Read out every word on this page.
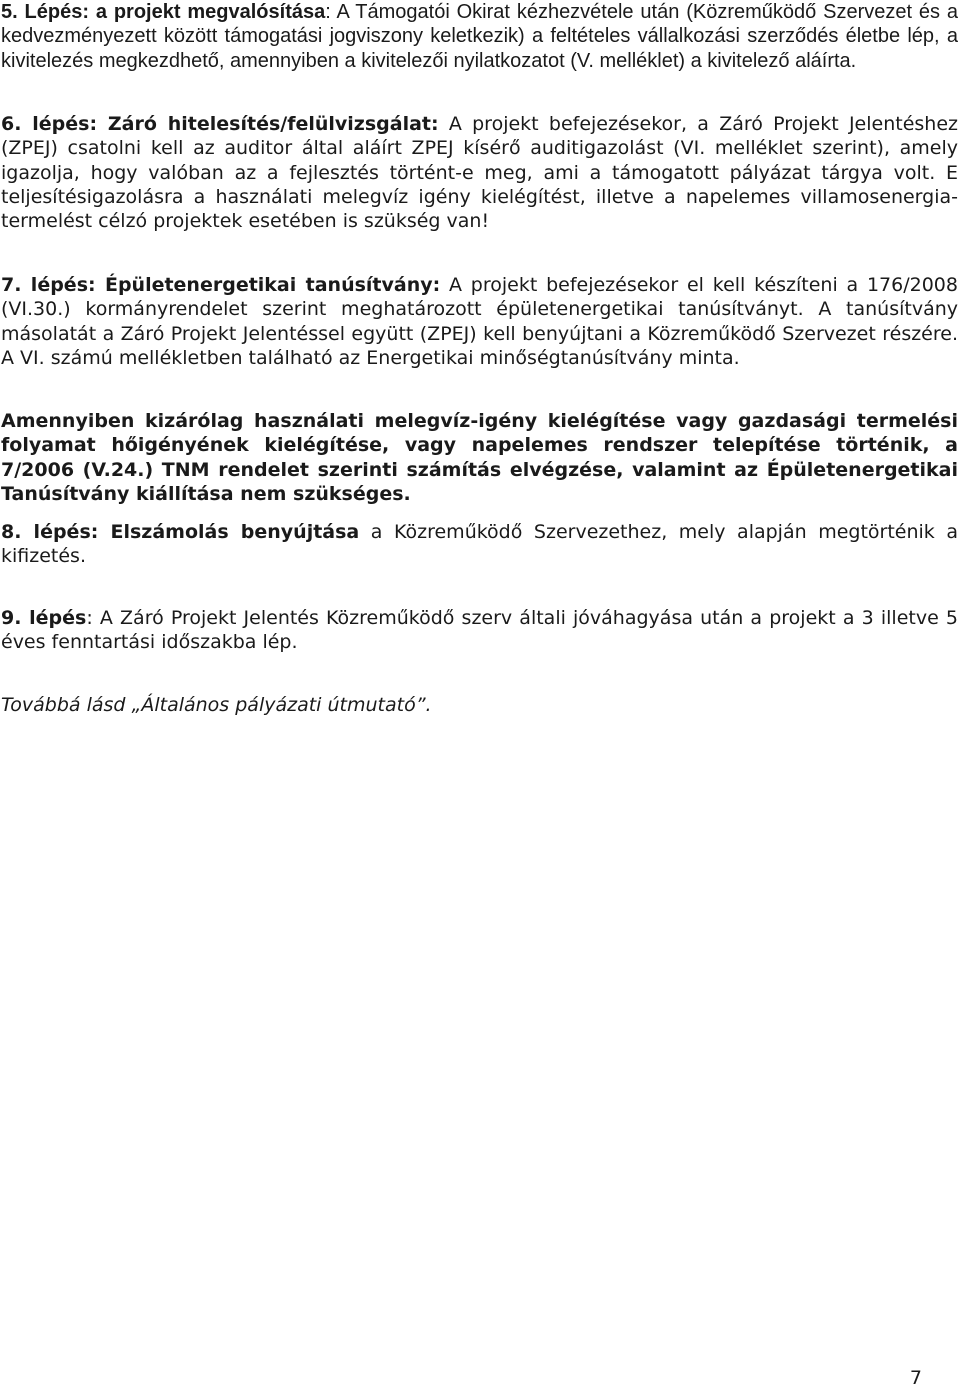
5. Lépés: a projekt megvalósítása: A Támogatói Okirat kézhezvétele után (Közreműködő Szervezet és a kedvezményezett között támogatási jogviszony keletkezik) a feltételes vállalkozási szerződés életbe lép, a kivitelezés megkezdhető, amennyiben a kivitelezői nyilatkozatot (V. melléklet) a kivitelező aláírta.

6. lépés: Záró hitelesítés/felülvizsgálat: A projekt befejezésekor, a Záró Projekt Jelentéshez (ZPEJ) csatolni kell az auditor által aláírt ZPEJ kísérő auditigazolást (VI. melléklet szerint), amely igazolja, hogy valóban az a fejlesztés történt-e meg, ami a támogatott pályázat tárgya volt. E teljesítésigazolásra a használati melegvíz igény kielégítést, illetve a napelemes villamosenergia-termelést célzó projektek esetében is szükség van!

7. lépés: Épületenergetikai tanúsítvány: A projekt befejezésekor el kell készíteni a 176/2008 (VI.30.) kormányrendelet szerint meghatározott épületenergetikai tanúsítványt. A tanúsítvány másolatát a Záró Projekt Jelentéssel együtt (ZPEJ) kell benyújtani a Közreműködő Szervezet részére. A VI. számú mellékletben található az Energetikai minőségtanúsítvány minta.

Amennyiben kizárólag használati melegvíz-igény kielégítése vagy gazdasági termelési folyamat hőigényének kielégítése, vagy napelemes rendszer telepítése történik, a 7/2006 (V.24.) TNM rendelet szerinti számítás elvégzése, valamint az Épületenergetikai Tanúsítvány kiállítása nem szükséges.

8. lépés: Elszámolás benyújtása a Közreműködő Szervezethez, mely alapján megtörténik a kifizetés.

9. lépés: A Záró Projekt Jelentés Közreműködő szerv általi jóváhagyása után a projekt a 3 illetve 5 éves fenntartási időszakba lép.

Továbbá lásd „Általános pályázati útmutató”.

7
